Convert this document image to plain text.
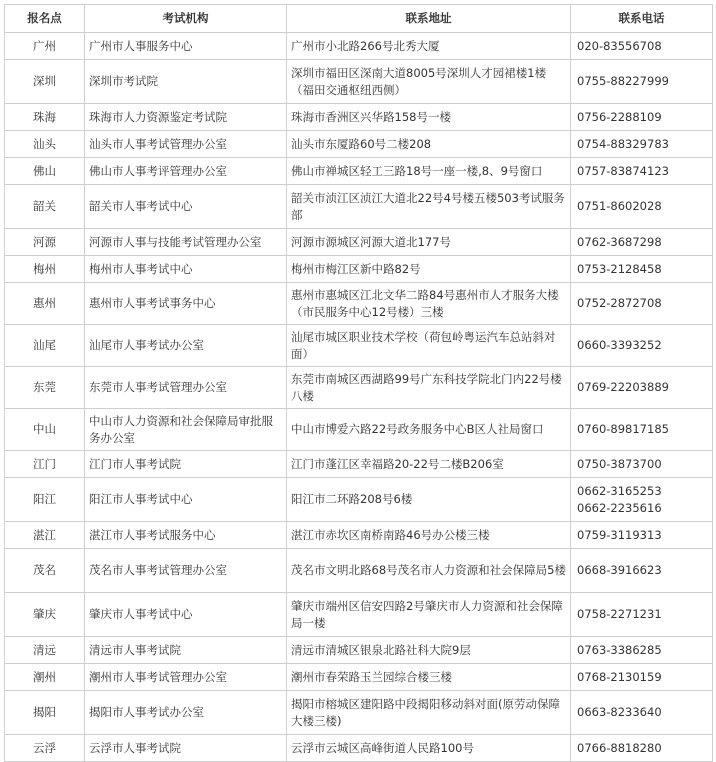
报名点	考试机构	联系地址	联系电话
广州	广州市人事服务中心	广州市小北路266号北秀大厦	020-83556708
深圳	深圳市考试院	深圳市福田区深南大道8005号深圳人才园裙楼1楼（福田交通枢纽西侧）	0755-88227999
珠海	珠海市人力资源鉴定考试院	珠海市香洲区兴华路158号一楼	0756-2288109
汕头	汕头市人事考试管理办公室	汕头市东厦路60号二楼208	0754-88329783
佛山	佛山市人事考评管理办公室	佛山市禅城区轻工三路18号一座一楼,8、9号窗口	0757-83874123
韶关	韶关市人事考试中心	韶关市浈江区浈江大道北22号4号楼五楼503考试服务部	0751-8602028
河源	河源市人事与技能考试管理办公室	河源市源城区河源大道北177号	0762-3687298
梅州	梅州市人事考试中心	梅州市梅江区新中路82号	0753-2128458
惠州	惠州市人事考试事务中心	惠州市惠城区江北文华二路84号惠州市人才服务大楼（市民服务中心12号楼）三楼	0752-2872708
汕尾	汕尾市人事考试办公室	汕尾市城区职业技术学校（荷包岭粤运汽车总站斜对面）	0660-3393252
东莞	东莞市人事考试管理办公室	东莞市南城区西湖路99号广东科技学院北门内22号楼八楼	0769-22203889
中山	中山市人力资源和社会保障局审批服务办公室	中山市博爱六路22号政务服务中心B区人社局窗口	0760-89817185
江门	江门市人事考试院	江门市蓬江区幸福路20-22号二楼B206室	0750-3873700
阳江	阳江市人事考试中心	阳江市二环路208号6楼	0662-3165253
0662-2235616

湛江	湛江市人事考试服务中心	湛江市赤坎区南桥南路46号办公楼三楼	0759-3119313
茂名	茂名市人事考试管理办公室	茂名市文明北路68号茂名市人力资源和社会保障局5楼	0668-3916623
肇庆	肇庆市人事考试中心	肇庆市端州区信安四路2号肇庆市人力资源和社会保障局一楼	0758-2271231
清远	清远市人事考试院	清远市清城区银泉北路社科大院9层	0763-3386285
潮州	潮州市人事考试管理办公室	潮州市春荣路玉兰园综合楼三楼	0768-2130159
揭阳	揭阳市人事考试办公室	揭阳市榕城区建阳路中段揭阳移动斜对面(原劳动保障大楼三楼)	0663-8233640
云浮	云浮市人事考试院	云浮市云城区高峰街道人民路100号	0766-8818280
